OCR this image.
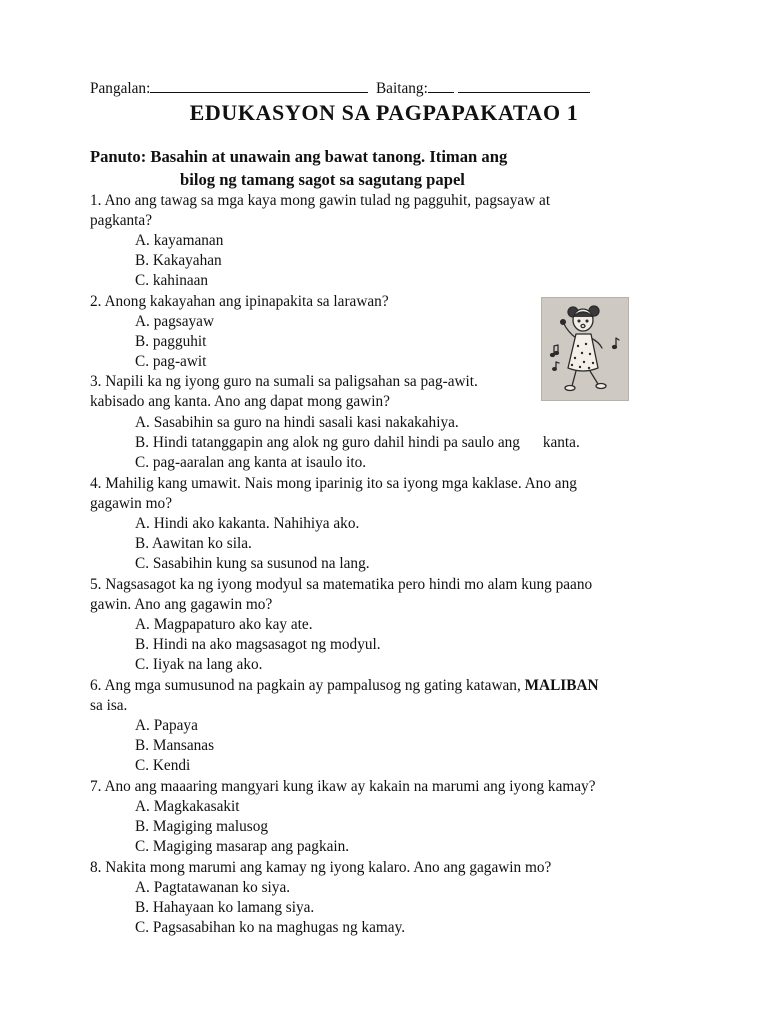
Pangalan:	Baitang:
EDUKASYON SA PAGPAPAKATAO 1
Panuto: Basahin at unawain ang bawat tanong. Itiman ang
bilog ng tamang sagot sa sagutang papel
1. Ano ang tawag sa mga kaya mong gawin tulad ng pagguhit, pagsayaw at
pagkanta?
A. kayamanan
B. Kakayahan
C. kahinaan
2. Anong kakayahan ang ipinapakita sa larawan?
A. pagsayaw
B. pagguhit
C. pag-awit
3. Napili ka ng iyong guro na sumali sa paligsahan sa pag-awit.
kabisado ang kanta. Ano ang dapat mong gawin?
A. Sasabihin sa guro na hindi sasali kasi nakakahiya.
B. Hindi tatanggapin ang alok ng guro dahil hindi pa saulo ang      kanta.
C. pag-aaralan ang kanta at isaulo ito.
4. Mahilig kang umawit. Nais mong iparinig ito sa iyong mga kaklase. Ano ang
gagawin mo?
A. Hindi ako kakanta. Nahihiya ako.
B. Aawitan ko sila.
C. Sasabihin kung sa susunod na lang.
5. Nagsasagot ka ng iyong modyul sa matematika pero hindi mo alam kung paano
gawin. Ano ang gagawin mo?
A. Magpapaturo ako kay ate.
B. Hindi na ako magsasagot ng modyul.
C. Iiyak na lang ako.
6. Ang mga sumusunod na pagkain ay pampalusog ng gating katawan, MALIBAN
sa isa.
A. Papaya
B. Mansanas
C. Kendi
7. Ano ang maaaring mangyari kung ikaw ay kakain na marumi ang iyong kamay?
A. Magkakasakit
B. Magiging malusog
C. Magiging masarap ang pagkain.
8. Nakita mong marumi ang kamay ng iyong kalaro. Ano ang gagawin mo?
A. Pagtatawanan ko siya.
B. Hahayaan ko lamang siya.
C. Pagsasabihan ko na maghugas ng kamay.
